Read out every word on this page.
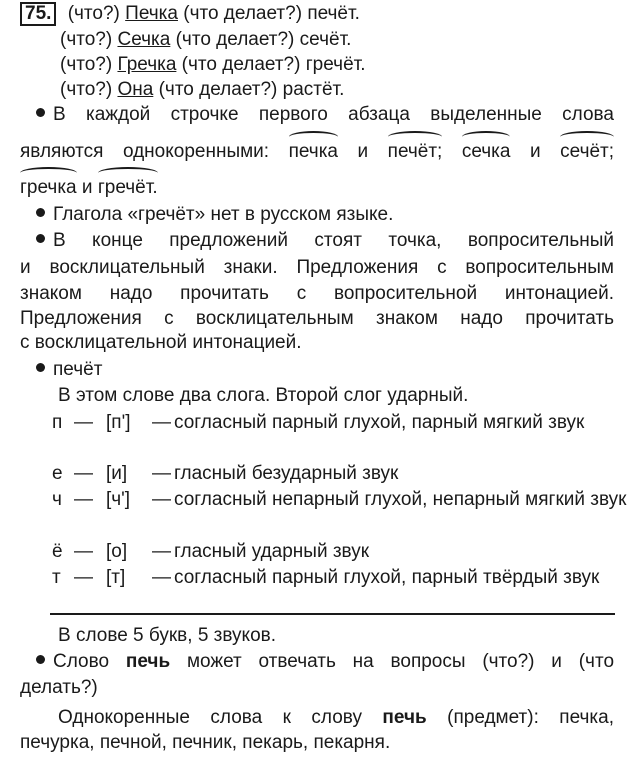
75. (что?) Печка (что делает?) печёт.
(что?) Сечка (что делает?) сечёт.
(что?) Гречка (что делает?) гречёт.
(что?) Она (что делает?) растёт.
В каждой строчке первого абзаца выделенные слова
являются однокоренными: печка и печёт; сечка и сечёт;
гречка и гречёт.
Глагола «гречёт» нет в русском языке.
В конце предложений стоят точка, вопросительный
и восклицательный знаки. Предложения с вопросительным
знаком надо прочитать с вопросительной интонацией.
Предложения с восклицательным знаком надо прочитать
с восклицательной интонацией.
печёт
В этом слове два слога. Второй слог ударный.
п — [п'] — согласный парный глухой, парный мягкий звук
е — [и] — гласный безударный звук
ч — [ч'] — согласный непарный глухой, непарный мягкий звук
ё — [о] — гласный ударный звук
т — [т] — согласный парный глухой, парный твёрдый звук
В слове 5 букв, 5 звуков.
Слово печь может отвечать на вопросы (что?) и (что
делать?)
Однокоренные слова к слову печь (предмет): печка,
печурка, печной, печник, пекарь, пекарня.
